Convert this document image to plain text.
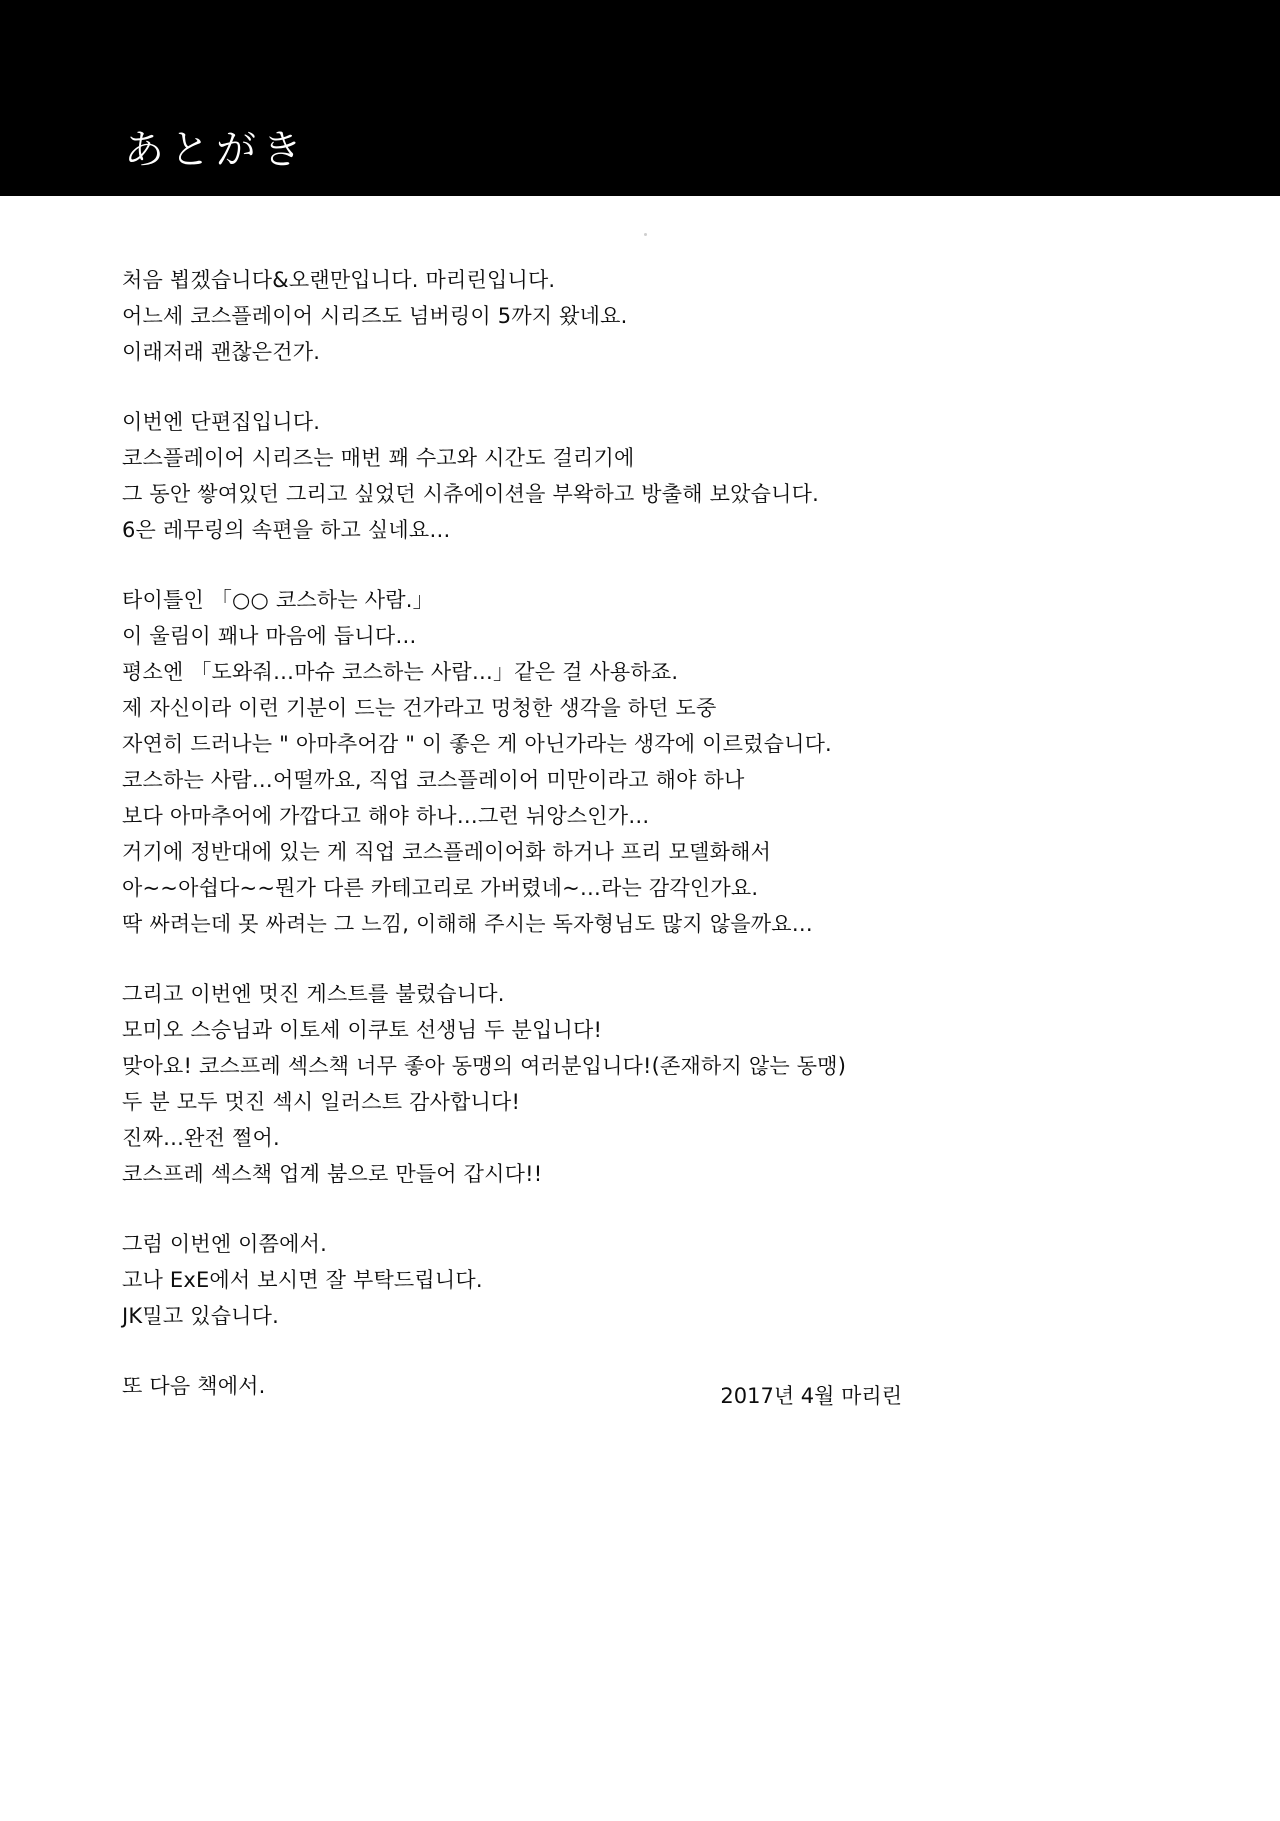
あとがき
처음 뵙겠습니다&오랜만입니다. 마리린입니다.
어느세 코스플레이어 시리즈도 넘버링이 5까지 왔네요.
이래저래 괜찮은건가.
이번엔 단편집입니다.
코스플레이어 시리즈는 매번 꽤 수고와 시간도 걸리기에
그 동안 쌓여있던 그리고 싶었던 시츄에이션을 부왁하고 방출해 보았습니다.
6은 레무링의 속편을 하고 싶네요…
타이틀인 「○○ 코스하는 사람.」
이 울림이 꽤나 마음에 듭니다…
평소엔 「도와줘…마슈 코스하는 사람…」같은 걸 사용하죠.
제 자신이라 이런 기분이 드는 건가라고 멍청한 생각을 하던 도중
자연히 드러나는 " 아마추어감 " 이 좋은 게 아닌가라는 생각에 이르렀습니다.
코스하는 사람…어떨까요, 직업 코스플레이어 미만이라고 해야 하나
보다 아마추어에 가깝다고 해야 하나…그런 뉘앙스인가…
거기에 정반대에 있는 게 직업 코스플레이어화 하거나 프리 모델화해서
아~~아쉽다~~뭔가 다른 카테고리로 가버렸네~…라는 감각인가요.
딱 싸려는데 못 싸려는 그 느낌, 이해해 주시는 독자형님도 많지 않을까요…
그리고 이번엔 멋진 게스트를 불렀습니다.
모미오 스승님과 이토세 이쿠토 선생님 두 분입니다!
맞아요! 코스프레 섹스책 너무 좋아 동맹의 여러분입니다!(존재하지 않는 동맹)
두 분 모두 멋진 섹시 일러스트 감사합니다!
진짜…완전 쩔어.
코스프레 섹스책 업계 붐으로 만들어 갑시다!!
그럼 이번엔 이쯤에서.
고나 ExE에서 보시면 잘 부탁드립니다.
JK밀고 있습니다.
또 다음 책에서.	2017년 4월 마리린
